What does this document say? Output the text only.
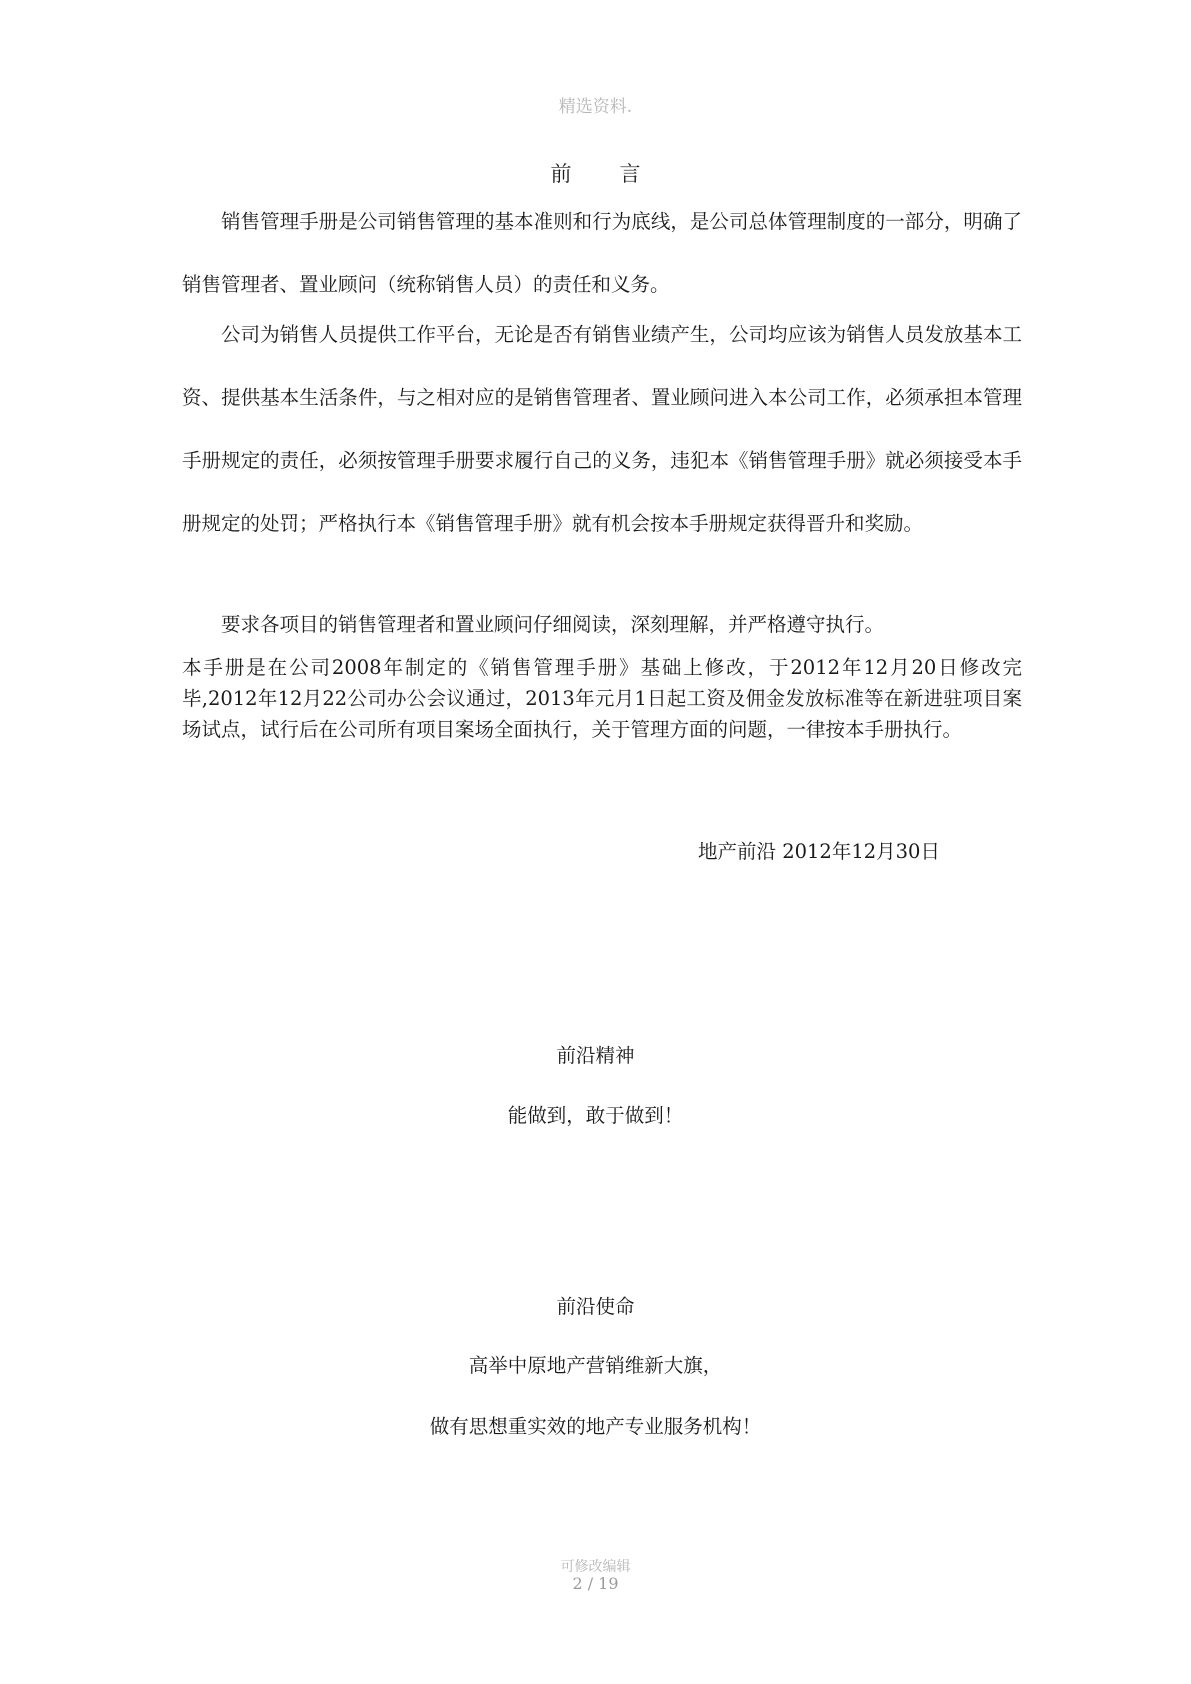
精选资料.
前 言

销售管理手册是公司销售管理的基本准则和行为底线，是公司总体管理制度的一部分，明确了销售管理者、置业顾问（统称销售人员）的责任和义务。

公司为销售人员提供工作平台，无论是否有销售业绩产生，公司均应该为销售人员发放基本工资、提供基本生活条件，与之相对应的是销售管理者、置业顾问进入本公司工作，必须承担本管理手册规定的责任，必须按管理手册要求履行自己的义务，违犯本《销售管理手册》就必须接受本手册规定的处罚；严格执行本《销售管理手册》就有机会按本手册规定获得晋升和奖励。

要求各项目的销售管理者和置业顾问仔细阅读，深刻理解，并严格遵守执行。

本手册是在公司2008年制定的《销售管理手册》基础上修改，于2012年12月20日修改完毕,2012年12月22公司办公会议通过，2013年元月1日起工资及佣金发放标准等在新进驻项目案场试点，试行后在公司所有项目案场全面执行，关于管理方面的问题，一律按本手册执行。

地产前沿 2012年12月30日
前沿精神
能做到，敢于做到！
前沿使命
高举中原地产营销维新大旗，
做有思想重实效的地产专业服务机构！
可修改编辑
2 / 19
